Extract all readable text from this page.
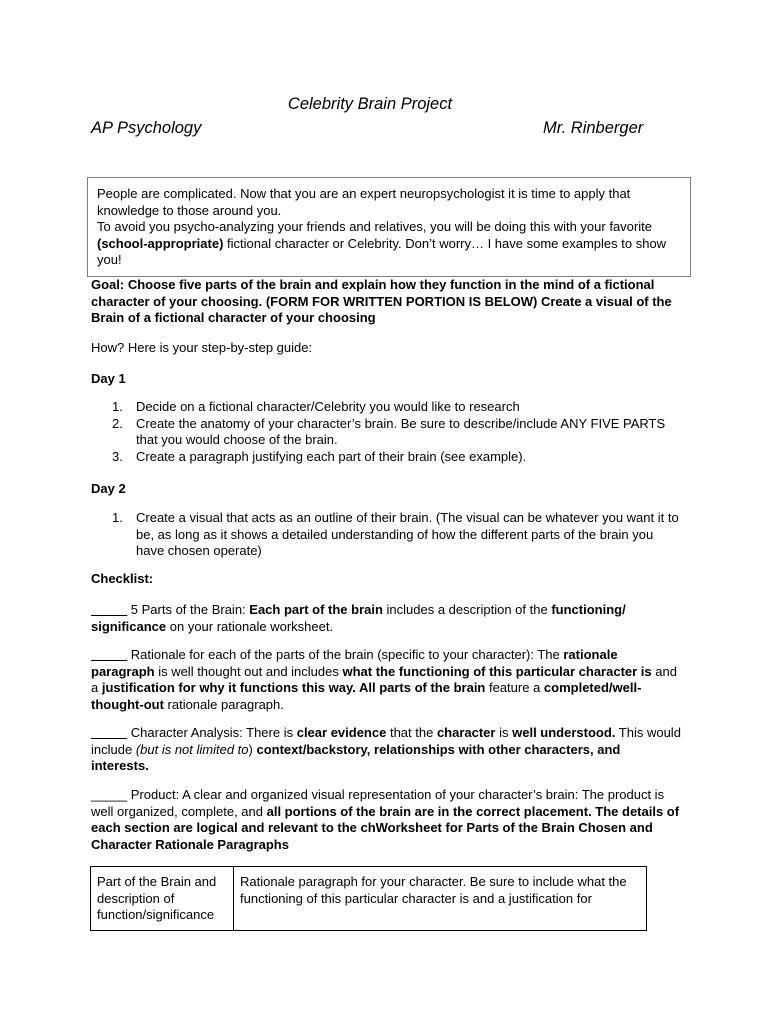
Celebrity Brain Project
AP Psychology	Mr. Rinberger

People are complicated. Now that you are an expert neuropsychologist it is time to apply that knowledge to those around you.

To avoid you psycho-analyzing your friends and relatives, you will be doing this with your favorite (school-appropriate) fictional character or Celebrity. Don’t worry… I have some examples to show you!

Goal: Choose five parts of the brain and explain how they function in the mind of a fictional character of your choosing. (FORM FOR WRITTEN PORTION IS BELOW) Create a visual of the Brain of a fictional character of your choosing

How? Here is your step-by-step guide:

Day 1

1. Decide on a fictional character/Celebrity you would like to research
2. Create the anatomy of your character’s brain. Be sure to describe/include ANY FIVE PARTS that you would choose of the brain.
3. Create a paragraph justifying each part of their brain (see example).

Day 2

1. Create a visual that acts as an outline of their brain. (The visual can be whatever you want it to be, as long as it shows a detailed understanding of how the different parts of the brain you have chosen operate)

Checklist:

_____ 5 Parts of the Brain: Each part of the brain includes a description of the functioning/ significance on your rationale worksheet.

_____ Rationale for each of the parts of the brain (specific to your character): The rationale paragraph is well thought out and includes what the functioning of this particular character is and a justification for why it functions this way. All parts of the brain feature a completed/well-thought-out rationale paragraph.

_____ Character Analysis: There is clear evidence that the character is well understood. This would include (but is not limited to) context/backstory, relationships with other characters, and interests.

_____ Product: A clear and organized visual representation of your character’s brain: The product is well organized, complete, and all portions of the brain are in the correct placement. The details of each section are logical and relevant to the chWorksheet for Parts of the Brain Chosen and Character Rationale Paragraphs

Part of the Brain and description of function/significance
Rationale paragraph for your character. Be sure to include what the functioning of this particular character is and a justification for
